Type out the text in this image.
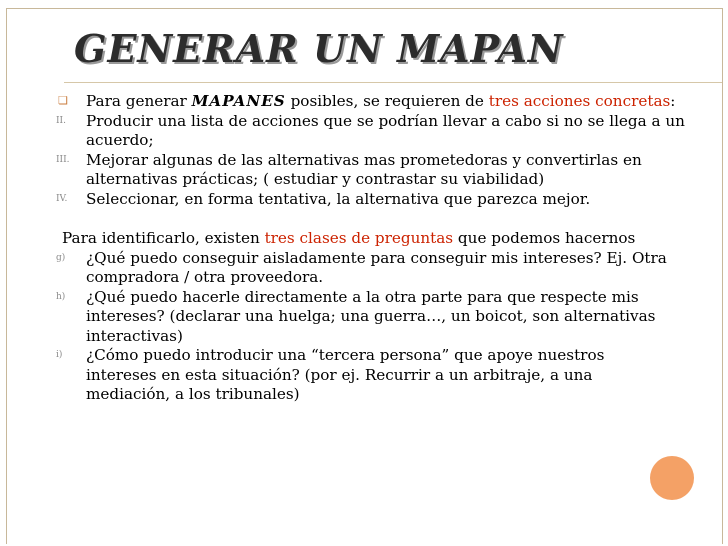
GENERAR UN MAPAN
❏	Para generar MAPANES posibles, se requieren de tres acciones concretas:
II.	Producir una lista de acciones que se podrían llevar a cabo si no se llega a un acuerdo;
III.	Mejorar algunas de las alternativas mas prometedoras y convertirlas en alternativas prácticas; ( estudiar y contrastar su viabilidad)
IV.	Seleccionar, en forma tentativa, la alternativa que parezca mejor.
Para identificarlo, existen tres clases de preguntas que podemos hacernos
g)	¿Qué puedo conseguir aisladamente para conseguir mis intereses? Ej. Otra compradora / otra proveedora.
h)	¿Qué puedo hacerle directamente a la otra parte para que respecte mis intereses? (declarar una huelga; una guerra…, un boicot, son alternativas interactivas)
i)	¿Cómo puedo introducir una “tercera persona” que apoye nuestros intereses en esta situación? (por ej. Recurrir a un arbitraje, a una mediación, a los tribunales)
